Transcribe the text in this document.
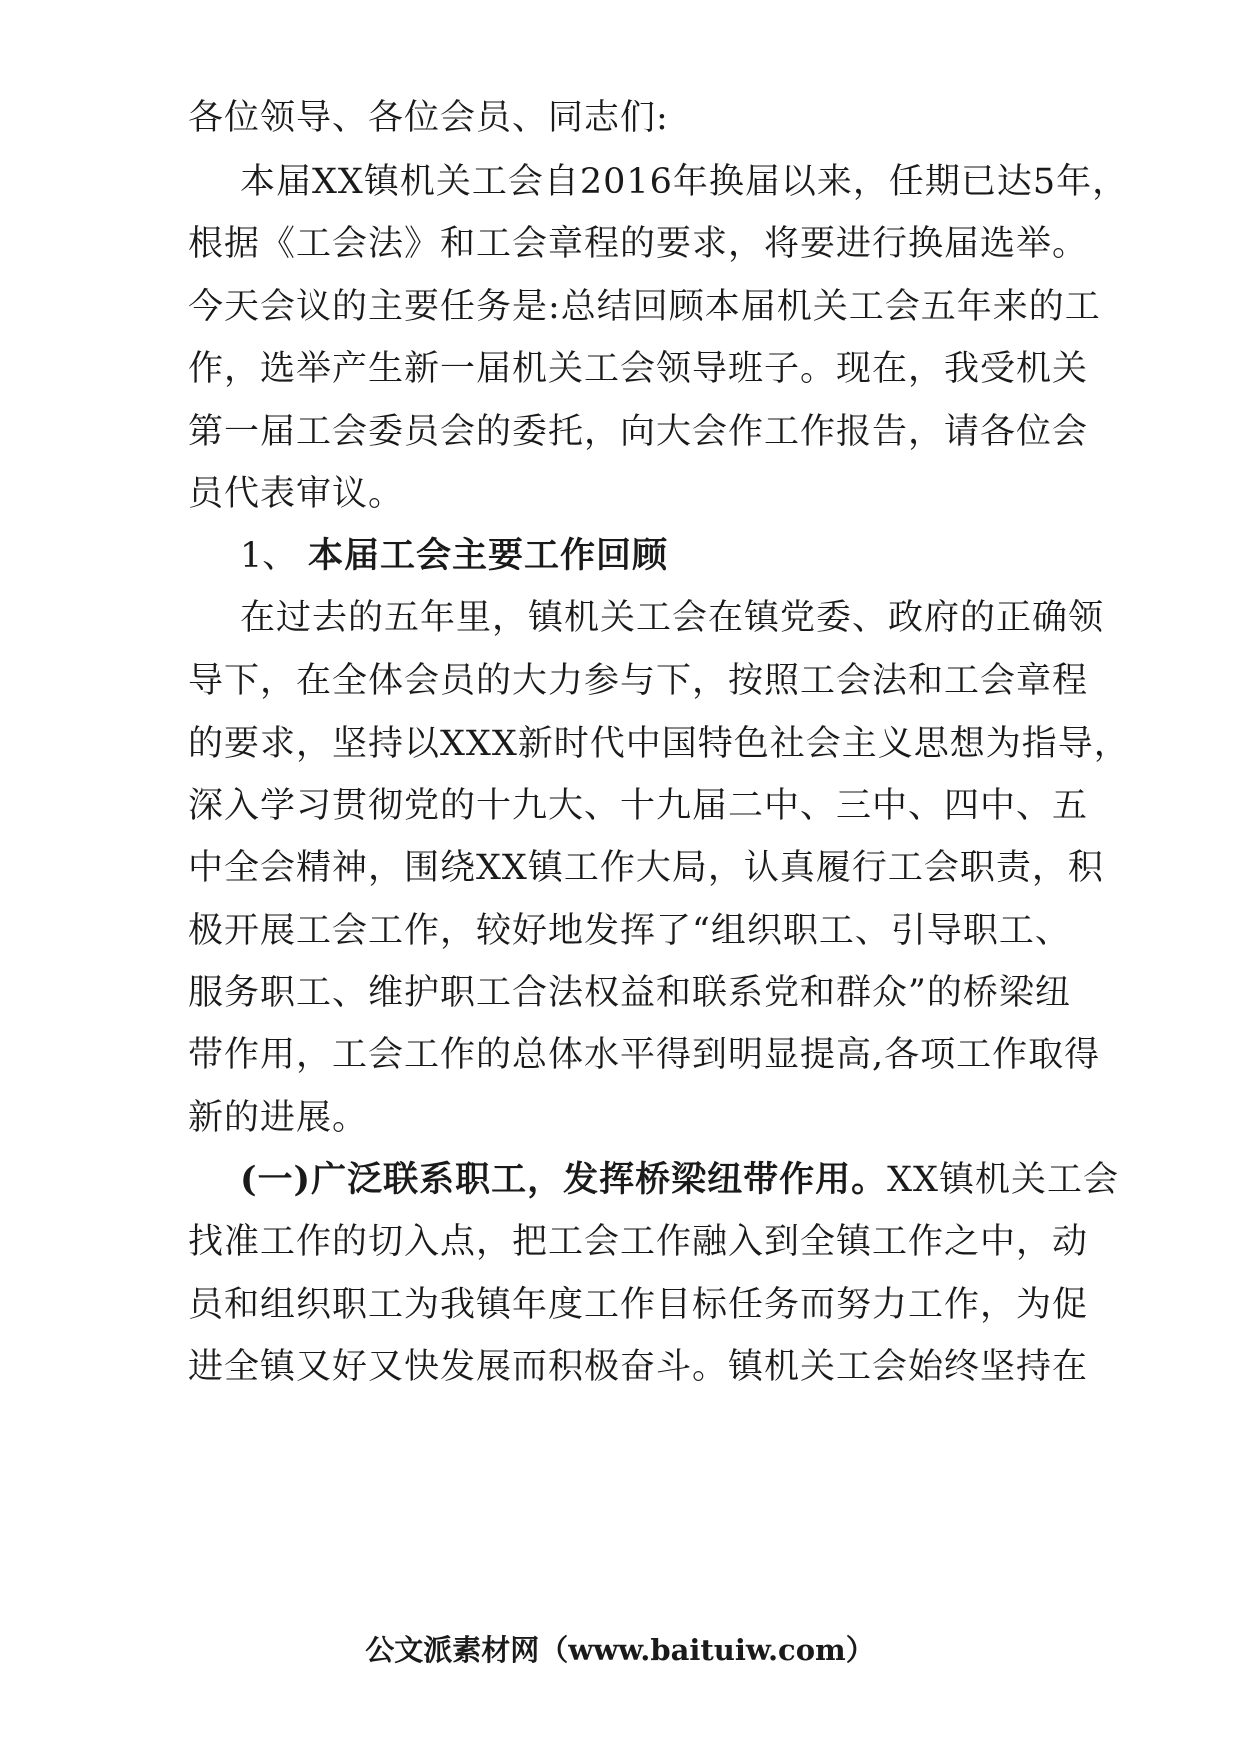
各位领导、各位会员、同志们:
本届XX镇机关工会自2016年换届以来，任期已达5年，
根据《工会法》和工会章程的要求，将要进行换届选举。
今天会议的主要任务是:总结回顾本届机关工会五年来的工
作，选举产生新一届机关工会领导班子。现在，我受机关
第一届工会委员会的委托，向大会作工作报告，请各位会
员代表审议。
1、 本届工会主要工作回顾
在过去的五年里，镇机关工会在镇党委、政府的正确领
导下，在全体会员的大力参与下，按照工会法和工会章程
的要求，坚持以XXX新时代中国特色社会主义思想为指导，
深入学习贯彻党的十九大、十九届二中、三中、四中、五
中全会精神，围绕XX镇工作大局，认真履行工会职责，积
极开展工会工作，较好地发挥了“组织职工、引导职工、
服务职工、维护职工合法权益和联系党和群众”的桥梁纽
带作用，工会工作的总体水平得到明显提高,各项工作取得
新的进展。
(一)广泛联系职工，发挥桥梁纽带作用。XX镇机关工会
找准工作的切入点，把工会工作融入到全镇工作之中，动
员和组织职工为我镇年度工作目标任务而努力工作，为促
进全镇又好又快发展而积极奋斗。镇机关工会始终坚持在
公文派素材网（www.baituiw.com）
